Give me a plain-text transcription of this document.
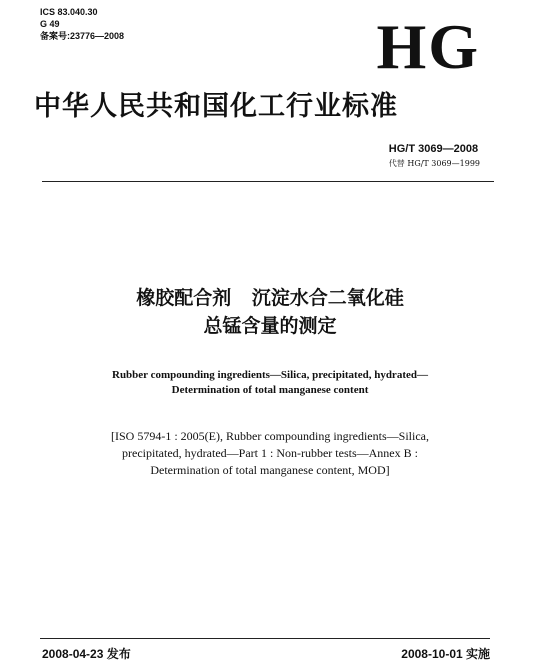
ICS 83.040.30
G 49
备案号:23776—2008	HG
中华人民共和国化工行业标准
HG/T 3069—2008
代替 HG/T 3069—1999
橡胶配合剂 沉淀水合二氧化硅
总锰含量的测定
Rubber compounding ingredients—Silica, precipitated, hydrated—
Determination of total manganese content
[ISO 5794-1 : 2005(E), Rubber compounding ingredients—Silica,
precipitated, hydrated—Part 1 : Non-rubber tests—Annex B :
Determination of total manganese content, MOD]
2008-04-23 发布	2008-10-01 实施
